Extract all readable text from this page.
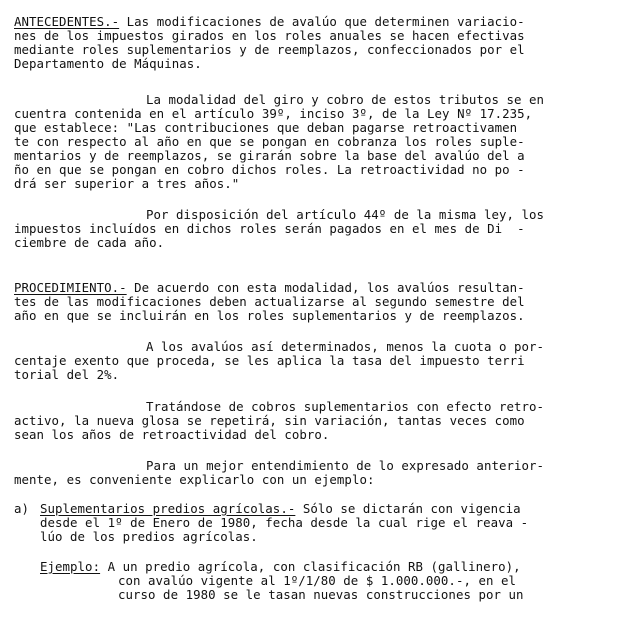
ANTECEDENTES.- Las modificaciones de avalúo que determinen variacio-
nes de los impuestos girados en los roles anuales se hacen efectivas
mediante roles suplementarios y de reemplazos, confeccionados por el
Departamento de Máquinas.
La modalidad del giro y cobro de estos tributos se en
cuentra contenida en el artículo 39º, inciso 3º, de la Ley Nº 17.235,
que establece: "Las contribuciones que deban pagarse retroactivamen
te con respecto al año en que se pongan en cobranza los roles suple-
mentarios y de reemplazos, se girarán sobre la base del avalúo del a
ño en que se pongan en cobro dichos roles. La retroactividad no po -
drá ser superior a tres años."
Por disposición del artículo 44º de la misma ley, los
impuestos incluídos en dichos roles serán pagados en el mes de Di  -
ciembre de cada año.
PROCEDIMIENTO.- De acuerdo con esta modalidad, los avalúos resultan-
tes de las modificaciones deben actualizarse al segundo semestre del
año en que se incluirán en los roles suplementarios y de reemplazos.
A los avalúos así determinados, menos la cuota o por-
centaje exento que proceda, se les aplica la tasa del impuesto terri
torial del 2%.
Tratándose de cobros suplementarios con efecto retro-
activo, la nueva glosa se repetirá, sin variación, tantas veces como
sean los años de retroactividad del cobro.
Para un mejor entendimiento de lo expresado anterior-
mente, es conveniente explicarlo con un ejemplo:
a) Suplementarios predios agrícolas.- Sólo se dictarán con vigencia
desde el 1º de Enero de 1980, fecha desde la cual rige el reava -
lúo de los predios agrícolas.
Ejemplo: A un predio agrícola, con clasificación RB (gallinero),
con avalúo vigente al 1º/1/80 de $ 1.000.000.-, en el
curso de 1980 se le tasan nuevas construcciones por un
